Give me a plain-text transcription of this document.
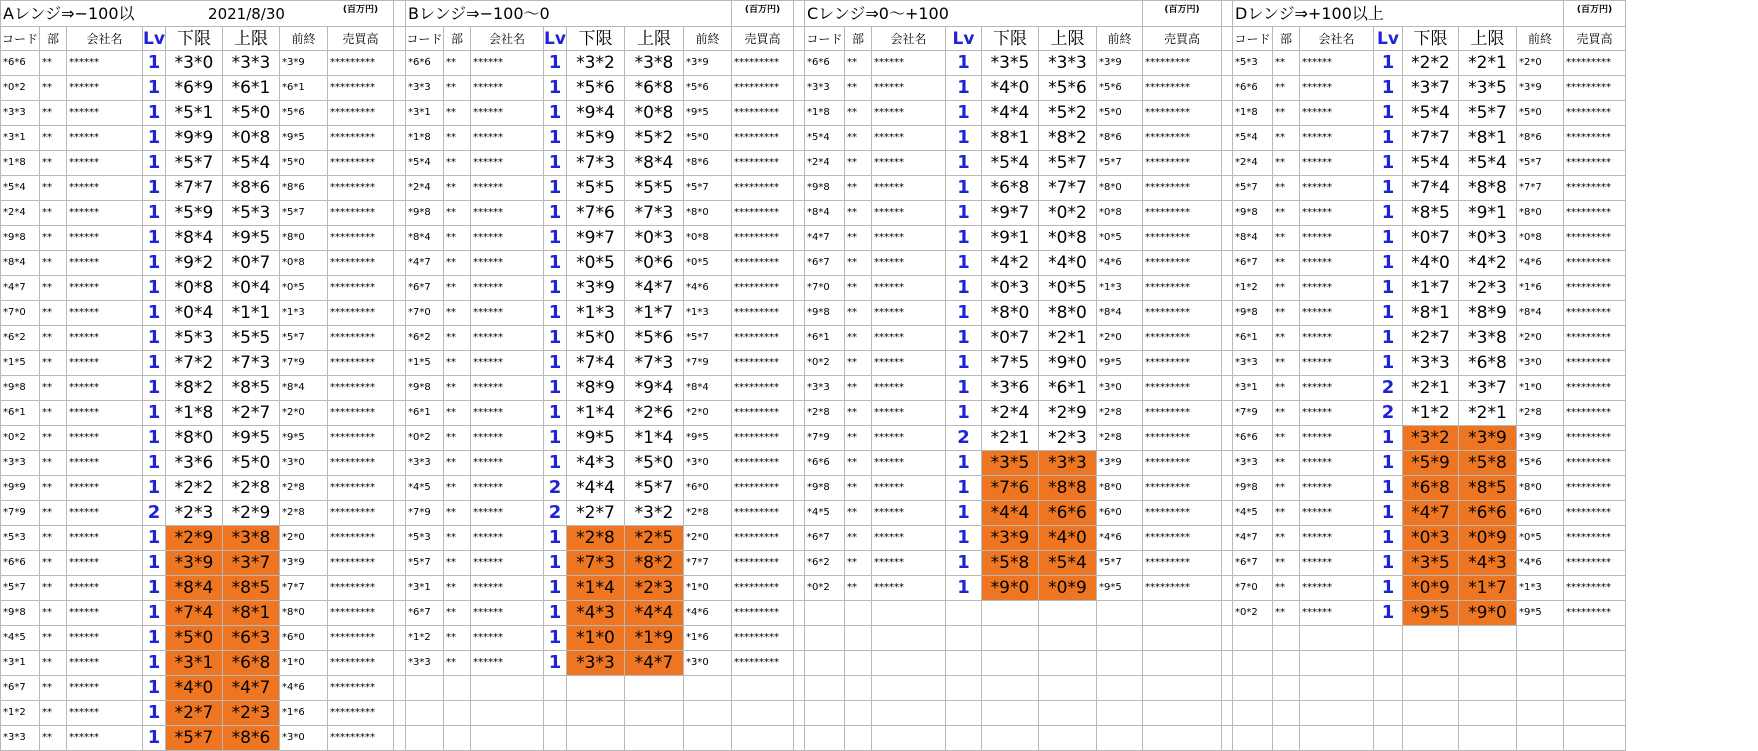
Aレンジ⇒−100以				2021/8/30			(百万円)		Bレンジ⇒−100〜0							(百万円)		Cレンジ⇒0〜+100							(百万円)		Dレンジ⇒+100以上							(百万円)
コード	部	会社名	Lv	下限	上限	前終	売買高		コード	部	会社名	Lv	下限	上限	前終	売買高		コード	部	会社名	Lv	下限	上限	前終	売買高		コード	部	会社名	Lv	下限	上限	前終	売買高
*6*6	**	******	1	*3*0	*3*3	*3*9	*********		*6*6	**	******	1	*3*2	*3*8	*3*9	*********		*6*6	**	******	1	*3*5	*3*3	*3*9	*********		*5*3	**	******	1	*2*2	*2*1	*2*0	*********
*0*2	**	******	1	*6*9	*6*1	*6*1	*********		*3*3	**	******	1	*5*6	*6*8	*5*6	*********		*3*3	**	******	1	*4*0	*5*6	*5*6	*********		*6*6	**	******	1	*3*7	*3*5	*3*9	*********
*3*3	**	******	1	*5*1	*5*0	*5*6	*********		*3*1	**	******	1	*9*4	*0*8	*9*5	*********		*1*8	**	******	1	*4*4	*5*2	*5*0	*********		*1*8	**	******	1	*5*4	*5*7	*5*0	*********
*3*1	**	******	1	*9*9	*0*8	*9*5	*********		*1*8	**	******	1	*5*9	*5*2	*5*0	*********		*5*4	**	******	1	*8*1	*8*2	*8*6	*********		*5*4	**	******	1	*7*7	*8*1	*8*6	*********
*1*8	**	******	1	*5*7	*5*4	*5*0	*********		*5*4	**	******	1	*7*3	*8*4	*8*6	*********		*2*4	**	******	1	*5*4	*5*7	*5*7	*********		*2*4	**	******	1	*5*4	*5*4	*5*7	*********
*5*4	**	******	1	*7*7	*8*6	*8*6	*********		*2*4	**	******	1	*5*5	*5*5	*5*7	*********		*9*8	**	******	1	*6*8	*7*7	*8*0	*********		*5*7	**	******	1	*7*4	*8*8	*7*7	*********
*2*4	**	******	1	*5*9	*5*3	*5*7	*********		*9*8	**	******	1	*7*6	*7*3	*8*0	*********		*8*4	**	******	1	*9*7	*0*2	*0*8	*********		*9*8	**	******	1	*8*5	*9*1	*8*0	*********
*9*8	**	******	1	*8*4	*9*5	*8*0	*********		*8*4	**	******	1	*9*7	*0*3	*0*8	*********		*4*7	**	******	1	*9*1	*0*8	*0*5	*********		*8*4	**	******	1	*0*7	*0*3	*0*8	*********
*8*4	**	******	1	*9*2	*0*7	*0*8	*********		*4*7	**	******	1	*0*5	*0*6	*0*5	*********		*6*7	**	******	1	*4*2	*4*0	*4*6	*********		*6*7	**	******	1	*4*0	*4*2	*4*6	*********
*4*7	**	******	1	*0*8	*0*4	*0*5	*********		*6*7	**	******	1	*3*9	*4*7	*4*6	*********		*7*0	**	******	1	*0*3	*0*5	*1*3	*********		*1*2	**	******	1	*1*7	*2*3	*1*6	*********
*7*0	**	******	1	*0*4	*1*1	*1*3	*********		*7*0	**	******	1	*1*3	*1*7	*1*3	*********		*9*8	**	******	1	*8*0	*8*0	*8*4	*********		*9*8	**	******	1	*8*1	*8*9	*8*4	*********
*6*2	**	******	1	*5*3	*5*5	*5*7	*********		*6*2	**	******	1	*5*0	*5*6	*5*7	*********		*6*1	**	******	1	*0*7	*2*1	*2*0	*********		*6*1	**	******	1	*2*7	*3*8	*2*0	*********
*1*5	**	******	1	*7*2	*7*3	*7*9	*********		*1*5	**	******	1	*7*4	*7*3	*7*9	*********		*0*2	**	******	1	*7*5	*9*0	*9*5	*********		*3*3	**	******	1	*3*3	*6*8	*3*0	*********
*9*8	**	******	1	*8*2	*8*5	*8*4	*********		*9*8	**	******	1	*8*9	*9*4	*8*4	*********		*3*3	**	******	1	*3*6	*6*1	*3*0	*********		*3*1	**	******	2	*2*1	*3*7	*1*0	*********
*6*1	**	******	1	*1*8	*2*7	*2*0	*********		*6*1	**	******	1	*1*4	*2*6	*2*0	*********		*2*8	**	******	1	*2*4	*2*9	*2*8	*********		*7*9	**	******	2	*1*2	*2*1	*2*8	*********
*0*2	**	******	1	*8*0	*9*5	*9*5	*********		*0*2	**	******	1	*9*5	*1*4	*9*5	*********		*7*9	**	******	2	*2*1	*2*3	*2*8	*********		*6*6	**	******	1	*3*2	*3*9	*3*9	*********
*3*3	**	******	1	*3*6	*5*0	*3*0	*********		*3*3	**	******	1	*4*3	*5*0	*3*0	*********		*6*6	**	******	1	*3*5	*3*3	*3*9	*********		*3*3	**	******	1	*5*9	*5*8	*5*6	*********
*9*9	**	******	1	*2*2	*2*8	*2*8	*********		*4*5	**	******	2	*4*4	*5*7	*6*0	*********		*9*8	**	******	1	*7*6	*8*8	*8*0	*********		*9*8	**	******	1	*6*8	*8*5	*8*0	*********
*7*9	**	******	2	*2*3	*2*9	*2*8	*********		*7*9	**	******	2	*2*7	*3*2	*2*8	*********		*4*5	**	******	1	*4*4	*6*6	*6*0	*********		*4*5	**	******	1	*4*7	*6*6	*6*0	*********
*5*3	**	******	1	*2*9	*3*8	*2*0	*********		*5*3	**	******	1	*2*8	*2*5	*2*0	*********		*6*7	**	******	1	*3*9	*4*0	*4*6	*********		*4*7	**	******	1	*0*3	*0*9	*0*5	*********
*6*6	**	******	1	*3*9	*3*7	*3*9	*********		*5*7	**	******	1	*7*3	*8*2	*7*7	*********		*6*2	**	******	1	*5*8	*5*4	*5*7	*********		*6*7	**	******	1	*3*5	*4*3	*4*6	*********
*5*7	**	******	1	*8*4	*8*5	*7*7	*********		*3*1	**	******	1	*1*4	*2*3	*1*0	*********		*0*2	**	******	1	*9*0	*0*9	*9*5	*********		*7*0	**	******	1	*0*9	*1*7	*1*3	*********
*9*8	**	******	1	*7*4	*8*1	*8*0	*********		*6*7	**	******	1	*4*3	*4*4	*4*6	*********											*0*2	**	******	1	*9*5	*9*0	*9*5	*********
*4*5	**	******	1	*5*0	*6*3	*6*0	*********		*1*2	**	******	1	*1*0	*1*9	*1*6	*********																		
*3*1	**	******	1	*3*1	*6*8	*1*0	*********		*3*3	**	******	1	*3*3	*4*7	*3*0	*********																		
*6*7	**	******	1	*4*0	*4*7	*4*6	*********																											
*1*2	**	******	1	*2*7	*2*3	*1*6	*********																											
*3*3	**	******	1	*5*7	*8*6	*3*0	*********																											
